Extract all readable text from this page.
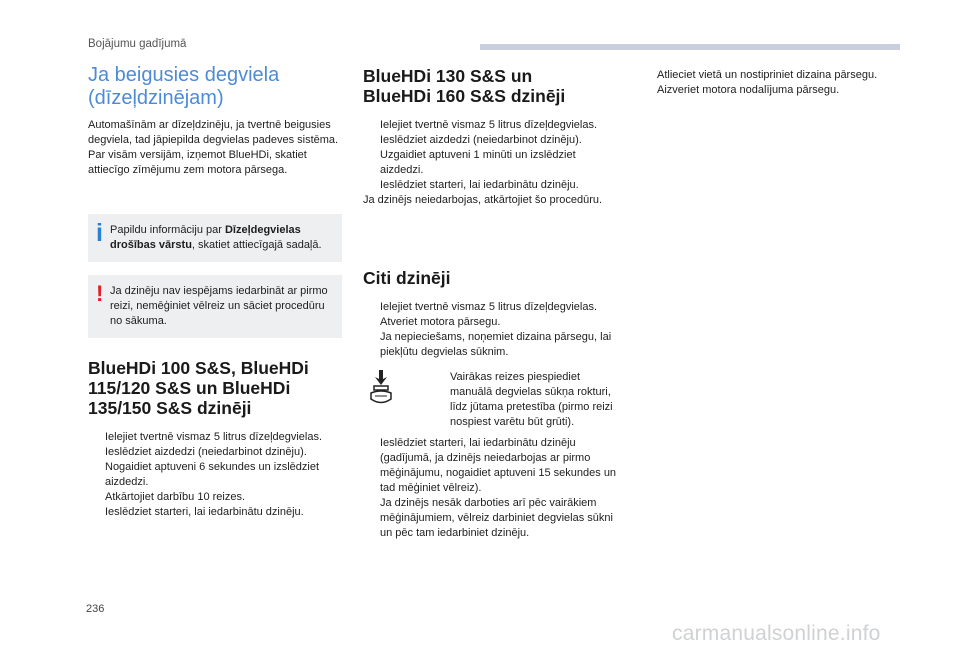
Bojājumu gadījumā
Ja beigusies degviela
(dīzeļdzinējam)

Automašīnām ar dīzeļdzinēju, ja tvertnē beigusies degviela, tad jāpiepilda degvielas padeves sistēma.

Par visām versijām, izņemot BlueHDi, skatiet attiecīgo zīmējumu zem motora pārsega.

i Papildu informāciju par Dīzeļdegvielas drošības vārstu, skatiet attiecīgajā sadaļā.
! Ja dzinēju nav iespējams iedarbināt ar pirmo reizi, nemēģiniet vēlreiz un sāciet procedūru no sākuma.
BlueHDi 100 S&S, BlueHDi
115/120 S&S un BlueHDi
135/150 S&S dzinēji
Ielejiet tvertnē vismaz 5 litrus dīzeļdegvielas.
Ieslēdziet aizdedzi (neiedarbinot dzinēju).
Nogaidiet aptuveni 6 sekundes un izslēdziet aizdedzi.
Atkārtojiet darbību 10 reizes.
Ieslēdziet starteri, lai iedarbinātu dzinēju.
BlueHDi 130 S&S un
BlueHDi 160 S&S dzinēji
Ielejiet tvertnē vismaz 5 litrus dīzeļdegvielas.
Ieslēdziet aizdedzi (neiedarbinot dzinēju).
Uzgaidiet aptuveni 1 minūti un izslēdziet aizdedzi.
Ieslēdziet starteri, lai iedarbinātu dzinēju.

Ja dzinējs neiedarbojas, atkārtojiet šo procedūru.

Citi dzinēji
Ielejiet tvertnē vismaz 5 litrus dīzeļdegvielas.
Atveriet motora pārsegu.
Ja nepieciešams, noņemiet dizaina pārsegu, lai piekļūtu degvielas sūknim.
Vairākas reizes piespiediet manuālā degvielas sūkņa rokturi, līdz jūtama pretestība (pirmo reizi nospiest varētu būt grūti).
Ieslēdziet starteri, lai iedarbinātu dzinēju (gadījumā, ja dzinējs neiedarbojas ar pirmo mēģinājumu, nogaidiet aptuveni 15 sekundes un tad mēģiniet vēlreiz).
Ja dzinējs nesāk darboties arī pēc vairākiem mēģinājumiem, vēlreiz darbiniet degvielas sūkni un pēc tam iedarbiniet dzinēju.
Atlieciet vietā un nostipriniet dizaina pārsegu.
Aizveriet motora nodalījuma pārsegu.
236
carmanualsonline.info
